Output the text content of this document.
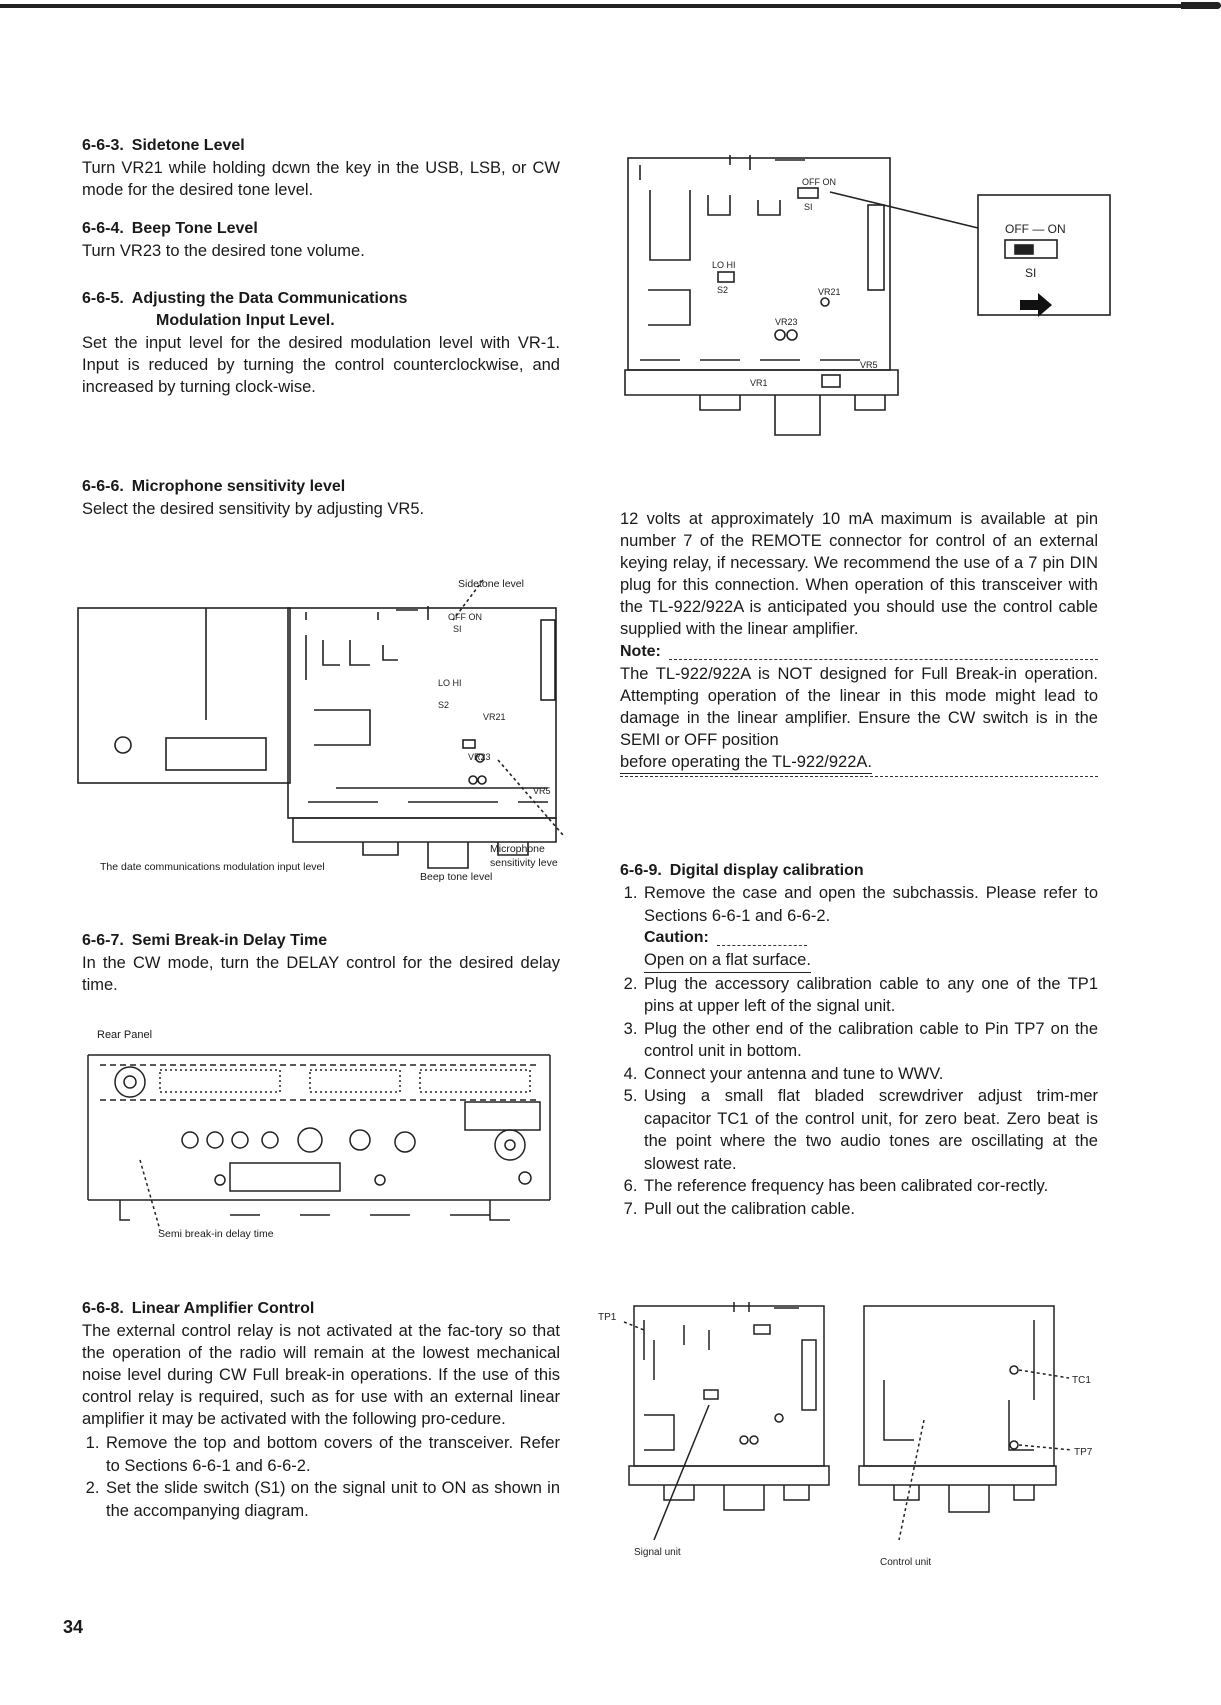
6-6-3. Sidetone Level

Turn VR21 while holding dcwn the key in the USB, LSB, or CW mode for the desired tone level.

6-6-4. Beep Tone Level

Turn VR23 to the desired tone volume.

6-6-5. Adjusting the Data Communications
Modulation Input Level.

Set the input level for the desired modulation level with VR-1. Input is reduced by turning the control counterclockwise, and increased by turning clock-wise.

6-6-6. Microphone sensitivity level

Select the desired sensitivity by adjusting VR5.

OFF ON
SI
LO HI
S2
VR21
VR23
VR5
Sidetone level
Microphone
sensitivity leve
The date communications modulation input level
Beep tone level
6-6-7. Semi Break-in Delay Time

In the CW mode, turn the DELAY control for the desired delay time.

Rear Panel
Semi break-in delay time
6-6-8. Linear Amplifier Control

The external control relay is not activated at the fac-tory so that the operation of the radio will remain at the lowest mechanical noise level during CW Full break-in operations. If the use of this control relay is required, such as for use with an external linear amplifier it may be activated with the following pro-cedure.

1. Remove the top and bottom covers of the transceiver. Refer to Sections 6-6-1 and 6-6-2.
2. Set the slide switch (S1) on the signal unit to ON as shown in the accompanying diagram.
34
OFF ON
SI
LO HI
S2	VR21
VR23
VR5
VR1
OFF — ON
SI

12 volts at approximately 10 mA maximum is available at pin number 7 of the REMOTE connector for control of an external keying relay, if necessary. We recommend the use of a 7 pin DIN plug for this connection. When operation of this transceiver with the TL-922/922A is anticipated you should use the control cable supplied with the linear amplifier.

Note:

The TL-922/922A is NOT designed for Full Break-in operation. Attempting operation of the linear in this mode might lead to damage in the linear amplifier. Ensure the CW switch is in the SEMI or OFF position

before operating the TL-922/922A.

6-6-9. Digital display calibration
1. Remove the case and open the subchassis. Please refer to Sections 6-6-1 and 6-6-2.
Caution:
Open on a flat surface.
2. Plug the accessory calibration cable to any one of the TP1 pins at upper left of the signal unit.
3. Plug the other end of the calibration cable to Pin TP7 on the control unit in bottom.
4. Connect your antenna and tune to WWV.
5. Using a small flat bladed screwdriver adjust trim-mer capacitor TC1 of the control unit, for zero beat. Zero beat is the point where the two audio tones are oscillating at the slowest rate.
6. The reference frequency has been calibrated cor-rectly.
7. Pull out the calibration cable.
TP1
TC1
TP7
Signal unit
Control unit
